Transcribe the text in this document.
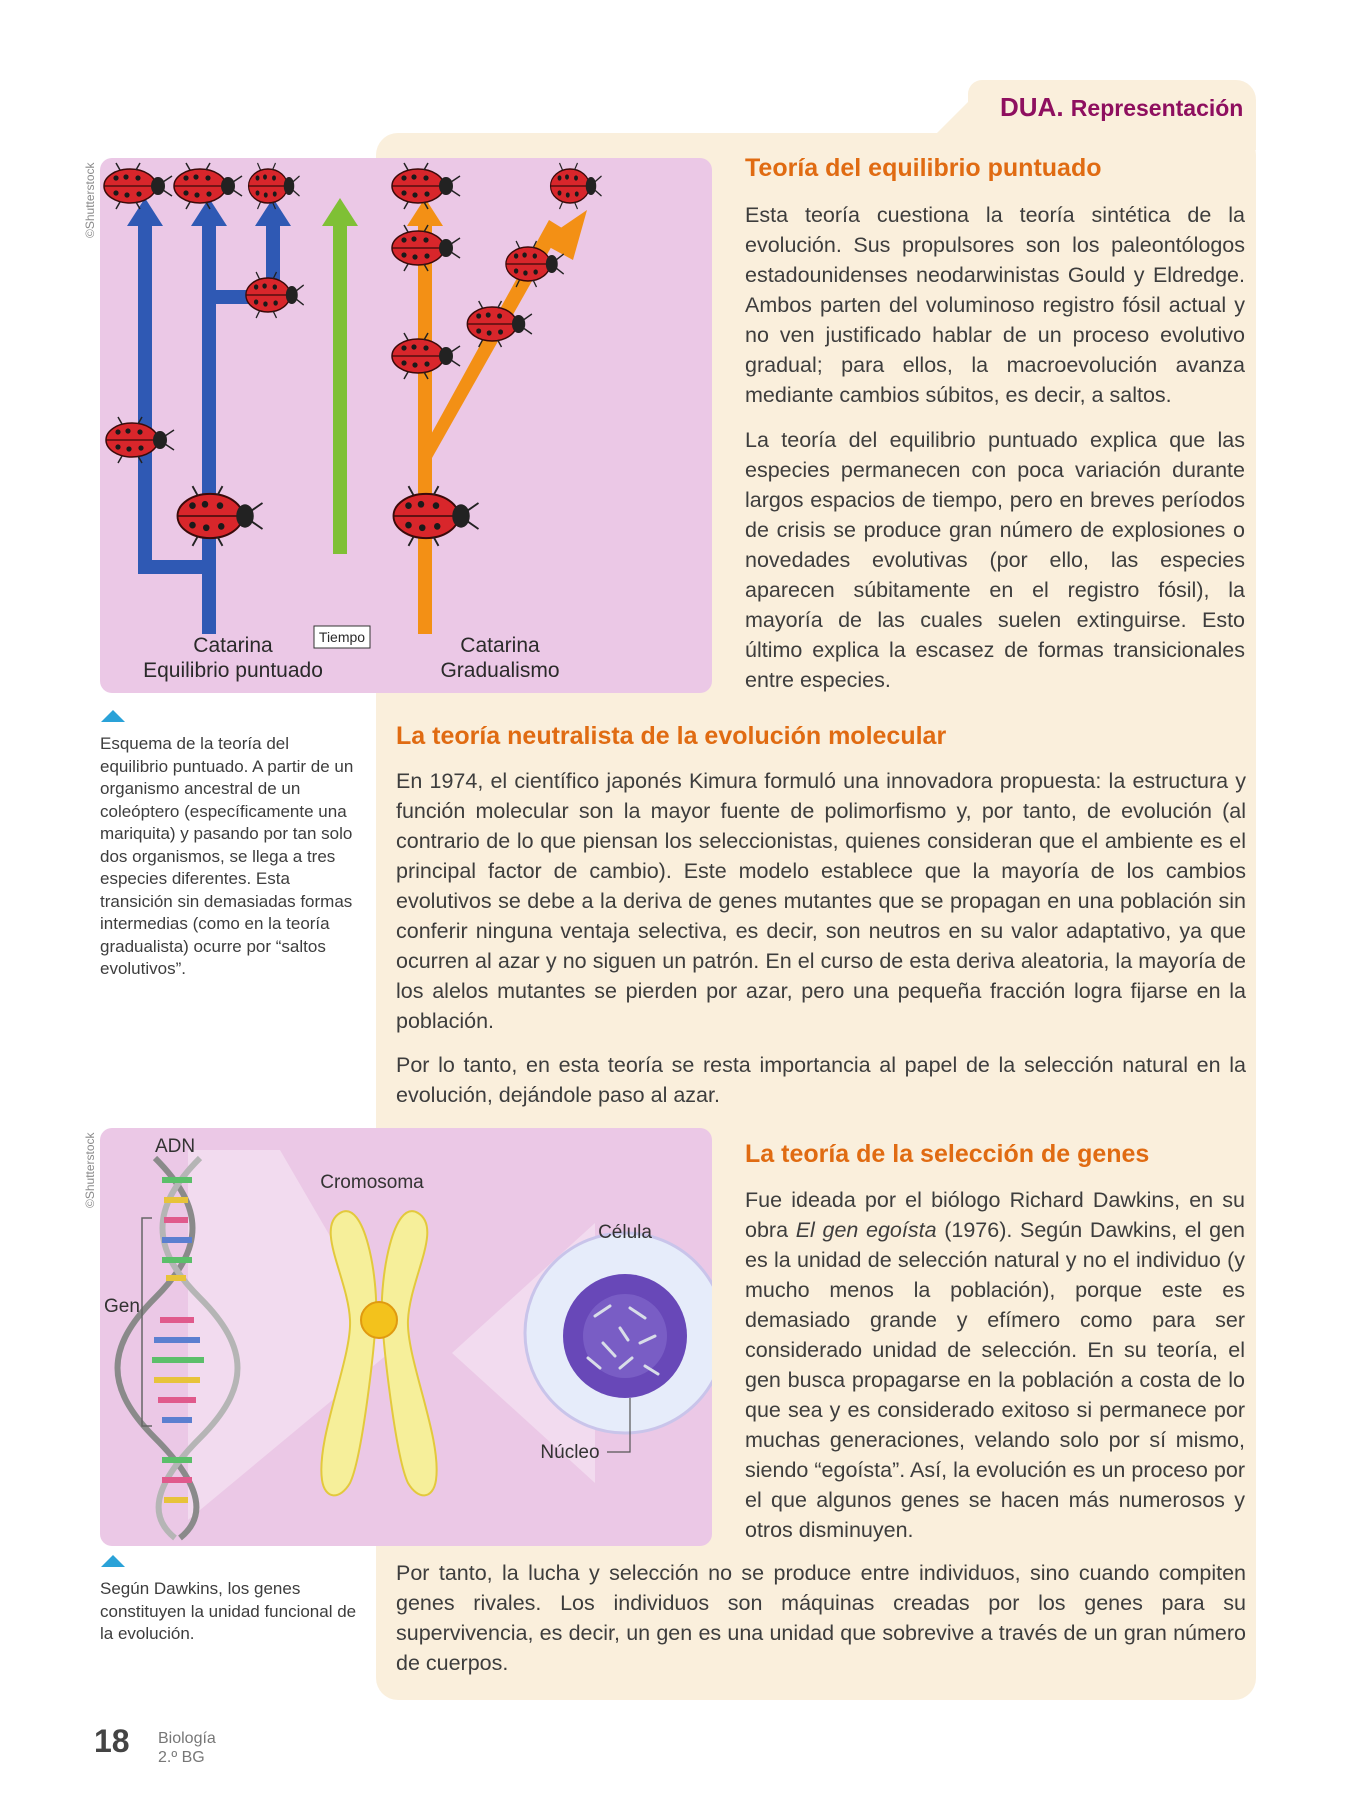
DUA. Representación
©Shutterstock
©Shutterstock
Catarina
Equilibrio puntuado
Tiempo	Catarina
Gradualismo

Esquema de la teoría del equilibrio puntuado. A partir de un organismo ancestral de un coleóptero (específicamente una mariquita) y pasando por tan solo dos organismos, se llega a tres especies diferentes. Esta transición sin demasiadas formas intermedias (como en la teoría gradualista) ocurre por “saltos evolutivos”.

Teoría del equilibrio puntuado

Esta teoría cuestiona la teoría sintética de la evolución. Sus propulsores son los paleontólogos estadounidenses neodarwinistas Gould y Eldredge. Ambos parten del voluminoso registro fósil actual y no ven justificado hablar de un proceso evolutivo gradual; para ellos, la macroevolución avanza mediante cambios súbitos, es decir, a saltos.

La teoría del equilibrio puntuado explica que las especies permanecen con poca variación durante largos espacios de tiempo, pero en breves períodos de crisis se produce gran número de explosiones o novedades evolutivas (por ello, las especies aparecen súbitamente en el registro fósil), la mayoría de las cuales suelen extinguirse. Esto último explica la escasez de formas transicionales entre especies.

La teoría neutralista de la evolución molecular

En 1974, el científico japonés Kimura formuló una innovadora propuesta: la estructura y función molecular son la mayor fuente de polimorfismo y, por tanto, de evolución (al contrario de lo que piensan los seleccionistas, quienes consideran que el ambiente es el principal factor de cambio). Este modelo establece que la mayoría de los cambios evolutivos se debe a la deriva de genes mutantes que se propagan en una población sin conferir ninguna ventaja selectiva, es decir, son neutros en su valor adaptativo, ya que ocurren al azar y no siguen un patrón. En el curso de esta deriva aleatoria, la mayoría de los alelos mutantes se pierden por azar, pero una pequeña fracción logra fijarse en la población.

Por lo tanto, en esta teoría se resta importancia al papel de la selección natural en la evolución, dejándole paso al azar.

ADN
Gen
Cromosoma
Célula
Núcleo

Según Dawkins, los genes constituyen la unidad funcional de la evolución.

La teoría de la selección de genes

Fue ideada por el biólogo Richard Dawkins, en su obra El gen egoísta (1976). Según Dawkins, el gen es la unidad de selección natural y no el individuo (y mucho menos la población), porque este es demasiado grande y efímero como para ser considerado unidad de selección. En su teoría, el gen busca propagarse en la población a costa de lo que sea y es considerado exitoso si permanece por muchas generaciones, velando solo por sí mismo, siendo “egoísta”. Así, la evolución es un proceso por el que algunos genes se hacen más numerosos y otros disminuyen.

Por tanto, la lucha y selección no se produce entre individuos, sino cuando compiten genes rivales. Los individuos son máquinas creadas por los genes para su supervivencia, es decir, un gen es una unidad que sobrevive a través de un gran número de cuerpos.

18 Biología
2.º BG
